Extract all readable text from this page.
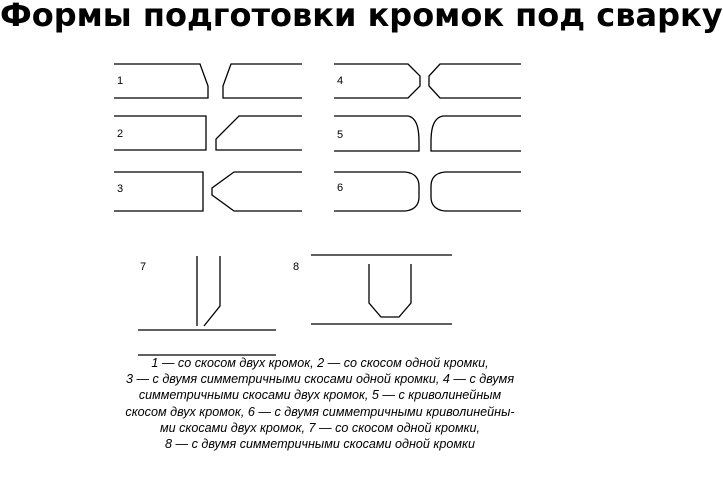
Формы подготовки кромок под сварку
1
2
3
4
5
6
7	8
1 — со скосом двух кромок, 2 — со скосом одной кромки,
3 — с двумя симметричными скосами одной кромки, 4 — с двумя
симметричными скосами двух кромок, 5 — с криволинейным
скосом двух кромок, 6 — с двумя симметричными криволинейны-
ми скосами двух кромок, 7 — со скосом одной кромки,
8 — с двумя симметричными скосами одной кромки
